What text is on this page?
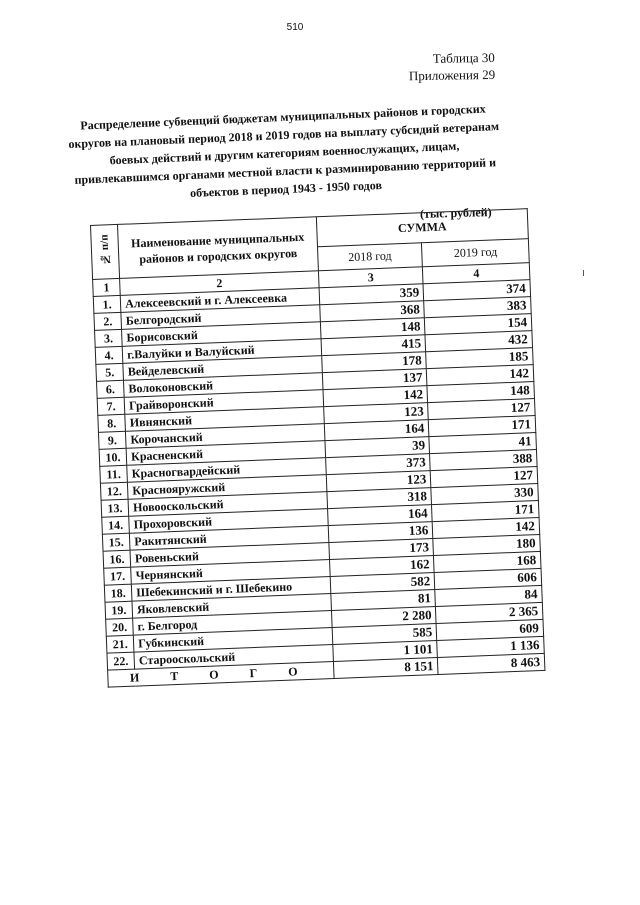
510
Таблица 30
Приложения 29
Распределение субвенций бюджетам муниципальных районов и городских округов на плановый период 2018 и 2019 годов на выплату субсидий ветеранам боевых действий и другим категориям военнослужащих, лицам, привлекавшимся органами местной власти к разминированию территорий и объектов в период 1943 - 1950 годов
(тыс. рублей)
№ п/п	Наименование муниципальных районов и городских округов	СУММА	
		2018 год	2019 год
1	2	3	4
1.	Алексеевский и г. Алексеевка	359	374
2.	Белгородский	368	383
3.	Борисовский	148	154
4.	г.Валуйки и Валуйский	415	432
5.	Вейделевский	178	185
6.	Волоконовский	137	142
7.	Грайворонский	142	148
8.	Ивнянский	123	127
9.	Корочанский	164	171
10.	Красненский	39	41
11.	Красногвардейский	373	388
12.	Краснояружский	123	127
13.	Новооскольский	318	330
14.	Прохоровский	164	171
15.	Ракитянский	136	142
16.	Ровеньский	173	180
17.	Чернянский	162	168
18.	Шебекинский и г. Шебекино	582	606
19.	Яковлевский	81	84
20.	г. Белгород	2 280	2 365
21.	Губкинский	585	609
22.	Старооскольский	1 101	1 136
И Т О Г О		8 151	8 463
